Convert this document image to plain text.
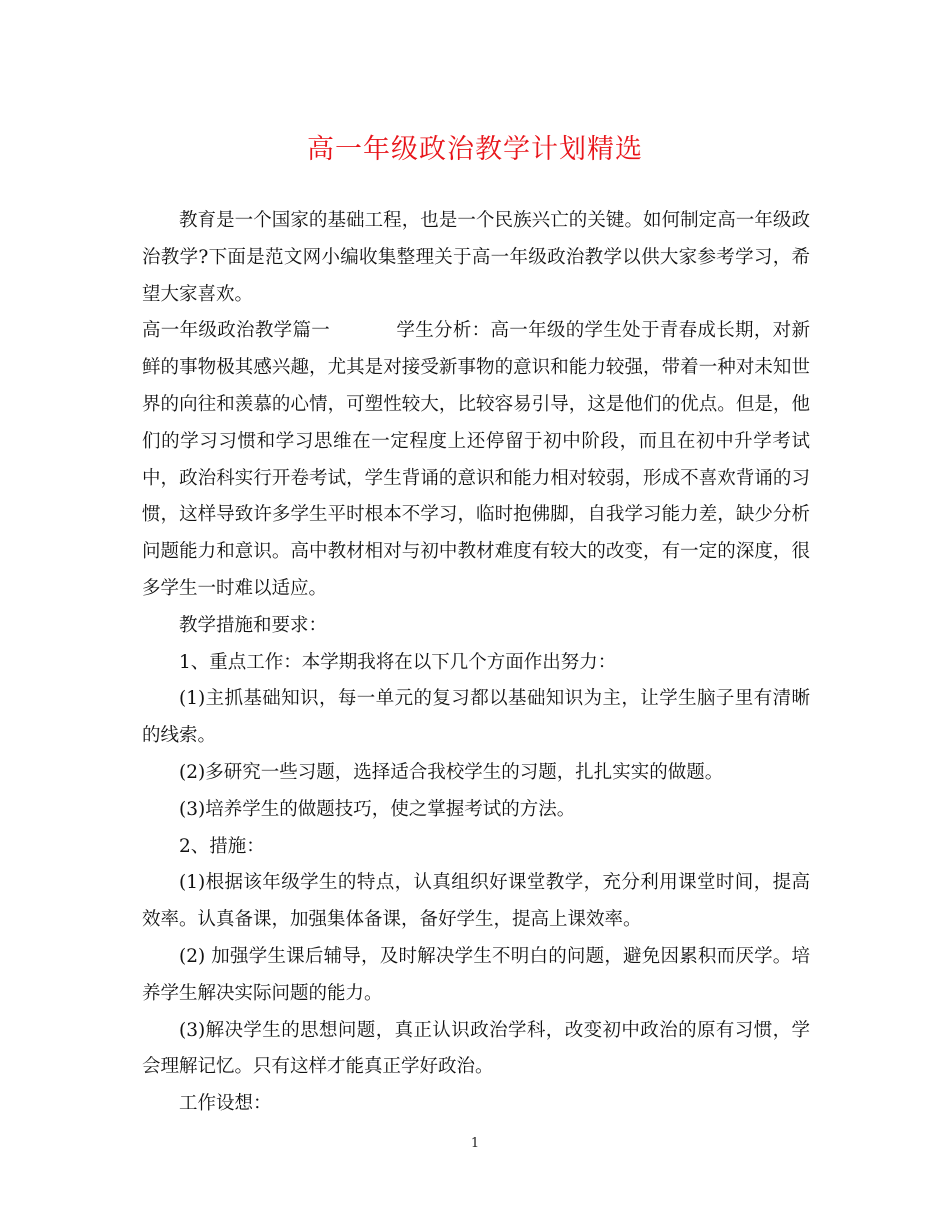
高一年级政治教学计划精选

教育是一个国家的基础工程，也是一个民族兴亡的关键。如何制定高一年级政治教学?下面是范文网小编收集整理关于高一年级政治教学以供大家参考学习，希望大家喜欢。

高一年级政治教学篇一	学生分析：高一年级的学生处于青春成长期，对新鲜的事物极其感兴趣，尤其是对接受新事物的意识和能力较强，带着一种对未知世界的向往和羡慕的心情，可塑性较大，比较容易引导，这是他们的优点。但是，他们的学习习惯和学习思维在一定程度上还停留于初中阶段，而且在初中升学考试中，政治科实行开卷考试，学生背诵的意识和能力相对较弱，形成不喜欢背诵的习惯，这样导致许多学生平时根本不学习，临时抱佛脚，自我学习能力差，缺少分析问题能力和意识。高中教材相对与初中教材难度有较大的改变，有一定的深度，很多学生一时难以适应。

教学措施和要求：

1、重点工作：本学期我将在以下几个方面作出努力：

(1)主抓基础知识，每一单元的复习都以基础知识为主，让学生脑子里有清晰的线索。

(2)多研究一些习题，选择适合我校学生的习题，扎扎实实的做题。

(3)培养学生的做题技巧，使之掌握考试的方法。

2、措施：

(1)根据该年级学生的特点，认真组织好课堂教学，充分利用课堂时间，提高效率。认真备课，加强集体备课，备好学生，提高上课效率。

(2) 加强学生课后辅导，及时解决学生不明白的问题，避免因累积而厌学。培养学生解决实际问题的能力。

(3)解决学生的思想问题，真正认识政治学科，改变初中政治的原有习惯，学会理解记忆。只有这样才能真正学好政治。

工作设想：

1
